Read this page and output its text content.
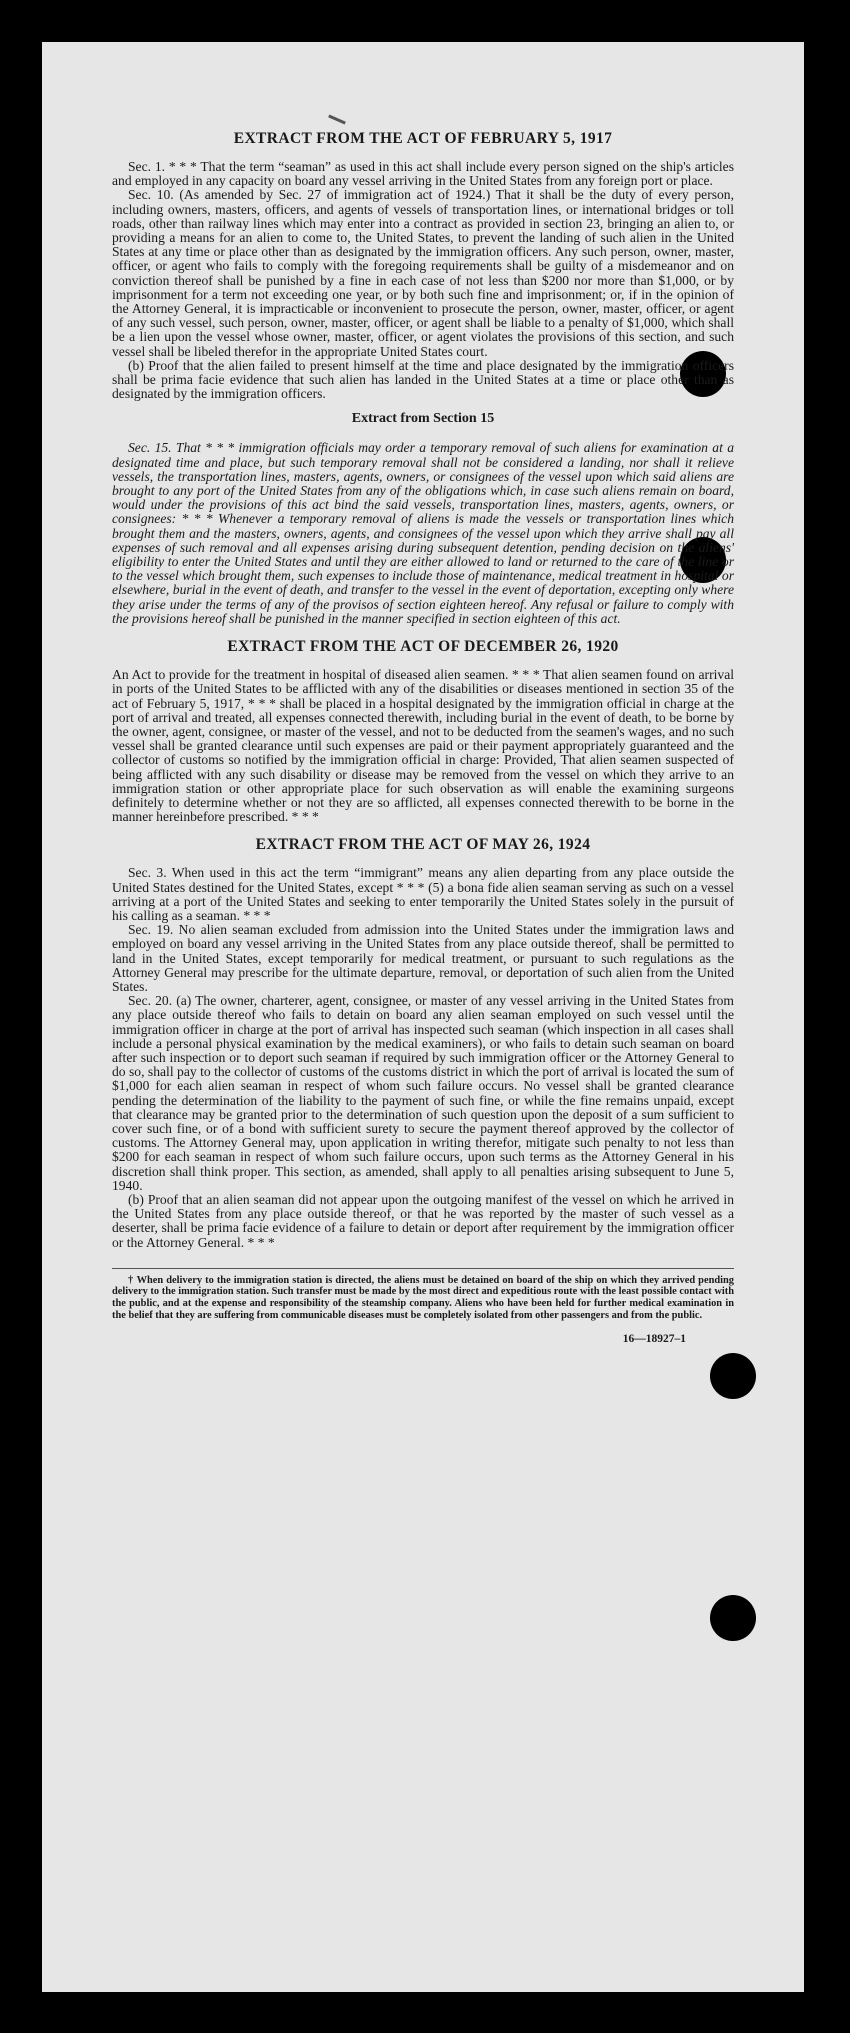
EXTRACT FROM THE ACT OF FEBRUARY 5, 1917

Sec. 1. * * * That the term “seaman” as used in this act shall include every person signed on the ship's articles and employed in any capacity on board any vessel arriving in the United States from any foreign port or place.

Sec. 10. (As amended by Sec. 27 of immigration act of 1924.) That it shall be the duty of every person, including owners, masters, officers, and agents of vessels of transportation lines, or international bridges or toll roads, other than railway lines which may enter into a contract as provided in section 23, bringing an alien to, or providing a means for an alien to come to, the United States, to prevent the landing of such alien in the United States at any time or place other than as designated by the immigration officers. Any such person, owner, master, officer, or agent who fails to comply with the foregoing requirements shall be guilty of a misdemeanor and on conviction thereof shall be punished by a fine in each case of not less than $200 nor more than $1,000, or by imprisonment for a term not exceeding one year, or by both such fine and imprisonment; or, if in the opinion of the Attorney General, it is impracticable or inconvenient to prosecute the person, owner, master, officer, or agent of any such vessel, such person, owner, master, officer, or agent shall be liable to a penalty of $1,000, which shall be a lien upon the vessel whose owner, master, officer, or agent violates the provisions of this section, and such vessel shall be libeled therefor in the appropriate United States court.

(b) Proof that the alien failed to present himself at the time and place designated by the immigration officers shall be prima facie evidence that such alien has landed in the United States at a time or place other than as designated by the immigration officers.

Extract from Section 15

Sec. 15. That * * * immigration officials may order a temporary removal of such aliens for examination at a designated time and place, but such temporary removal shall not be considered a landing, nor shall it relieve vessels, the transportation lines, masters, agents, owners, or consignees of the vessel upon which said aliens are brought to any port of the United States from any of the obligations which, in case such aliens remain on board, would under the provisions of this act bind the said vessels, transportation lines, masters, agents, owners, or consignees: * * * Whenever a temporary removal of aliens is made the vessels or transportation lines which brought them and the masters, owners, agents, and consignees of the vessel upon which they arrive shall pay all expenses of such removal and all expenses arising during subsequent detention, pending decision on the aliens' eligibility to enter the United States and until they are either allowed to land or returned to the care of the line or to the vessel which brought them, such expenses to include those of maintenance, medical treatment in hospital or elsewhere, burial in the event of death, and transfer to the vessel in the event of deportation, excepting only where they arise under the terms of any of the provisos of section eighteen hereof. Any refusal or failure to comply with the provisions hereof shall be punished in the manner specified in section eighteen of this act.

EXTRACT FROM THE ACT OF DECEMBER 26, 1920

An Act to provide for the treatment in hospital of diseased alien seamen. * * * That alien seamen found on arrival in ports of the United States to be afflicted with any of the disabilities or diseases mentioned in section 35 of the act of February 5, 1917, * * * shall be placed in a hospital designated by the immigration official in charge at the port of arrival and treated, all expenses connected therewith, including burial in the event of death, to be borne by the owner, agent, consignee, or master of the vessel, and not to be deducted from the seamen's wages, and no such vessel shall be granted clearance until such expenses are paid or their payment appropriately guaranteed and the collector of customs so notified by the immigration official in charge: Provided, That alien seamen suspected of being afflicted with any such disability or disease may be removed from the vessel on which they arrive to an immigration station or other appropriate place for such observation as will enable the examining surgeons definitely to determine whether or not they are so afflicted, all expenses connected therewith to be borne in the manner hereinbefore prescribed. * * *

EXTRACT FROM THE ACT OF MAY 26, 1924

Sec. 3. When used in this act the term “immigrant” means any alien departing from any place outside the United States destined for the United States, except * * * (5) a bona fide alien seaman serving as such on a vessel arriving at a port of the United States and seeking to enter temporarily the United States solely in the pursuit of his calling as a seaman. * * *

Sec. 19. No alien seaman excluded from admission into the United States under the immigration laws and employed on board any vessel arriving in the United States from any place outside thereof, shall be permitted to land in the United States, except temporarily for medical treatment, or pursuant to such regulations as the Attorney General may prescribe for the ultimate departure, removal, or deportation of such alien from the United States.

Sec. 20. (a) The owner, charterer, agent, consignee, or master of any vessel arriving in the United States from any place outside thereof who fails to detain on board any alien seaman employed on such vessel until the immigration officer in charge at the port of arrival has inspected such seaman (which inspection in all cases shall include a personal physical examination by the medical examiners), or who fails to detain such seaman on board after such inspection or to deport such seaman if required by such immigration officer or the Attorney General to do so, shall pay to the collector of customs of the customs district in which the port of arrival is located the sum of $1,000 for each alien seaman in respect of whom such failure occurs. No vessel shall be granted clearance pending the determination of the liability to the payment of such fine, or while the fine remains unpaid, except that clearance may be granted prior to the determination of such question upon the deposit of a sum sufficient to cover such fine, or of a bond with sufficient surety to secure the payment thereof approved by the collector of customs. The Attorney General may, upon application in writing therefor, mitigate such penalty to not less than $200 for each seaman in respect of whom such failure occurs, upon such terms as the Attorney General in his discretion shall think proper. This section, as amended, shall apply to all penalties arising subsequent to June 5, 1940.

(b) Proof that an alien seaman did not appear upon the outgoing manifest of the vessel on which he arrived in the United States from any place outside thereof, or that he was reported by the master of such vessel as a deserter, shall be prima facie evidence of a failure to detain or deport after requirement by the immigration officer or the Attorney General. * * *

† When delivery to the immigration station is directed, the aliens must be detained on board of the ship on which they arrived pending delivery to the immigration station. Such transfer must be made by the most direct and expeditious route with the least possible contact with the public, and at the expense and responsibility of the steamship company. Aliens who have been held for further medical examination in the belief that they are suffering from communicable diseases must be completely isolated from other passengers and from the public.

16—18927–1
